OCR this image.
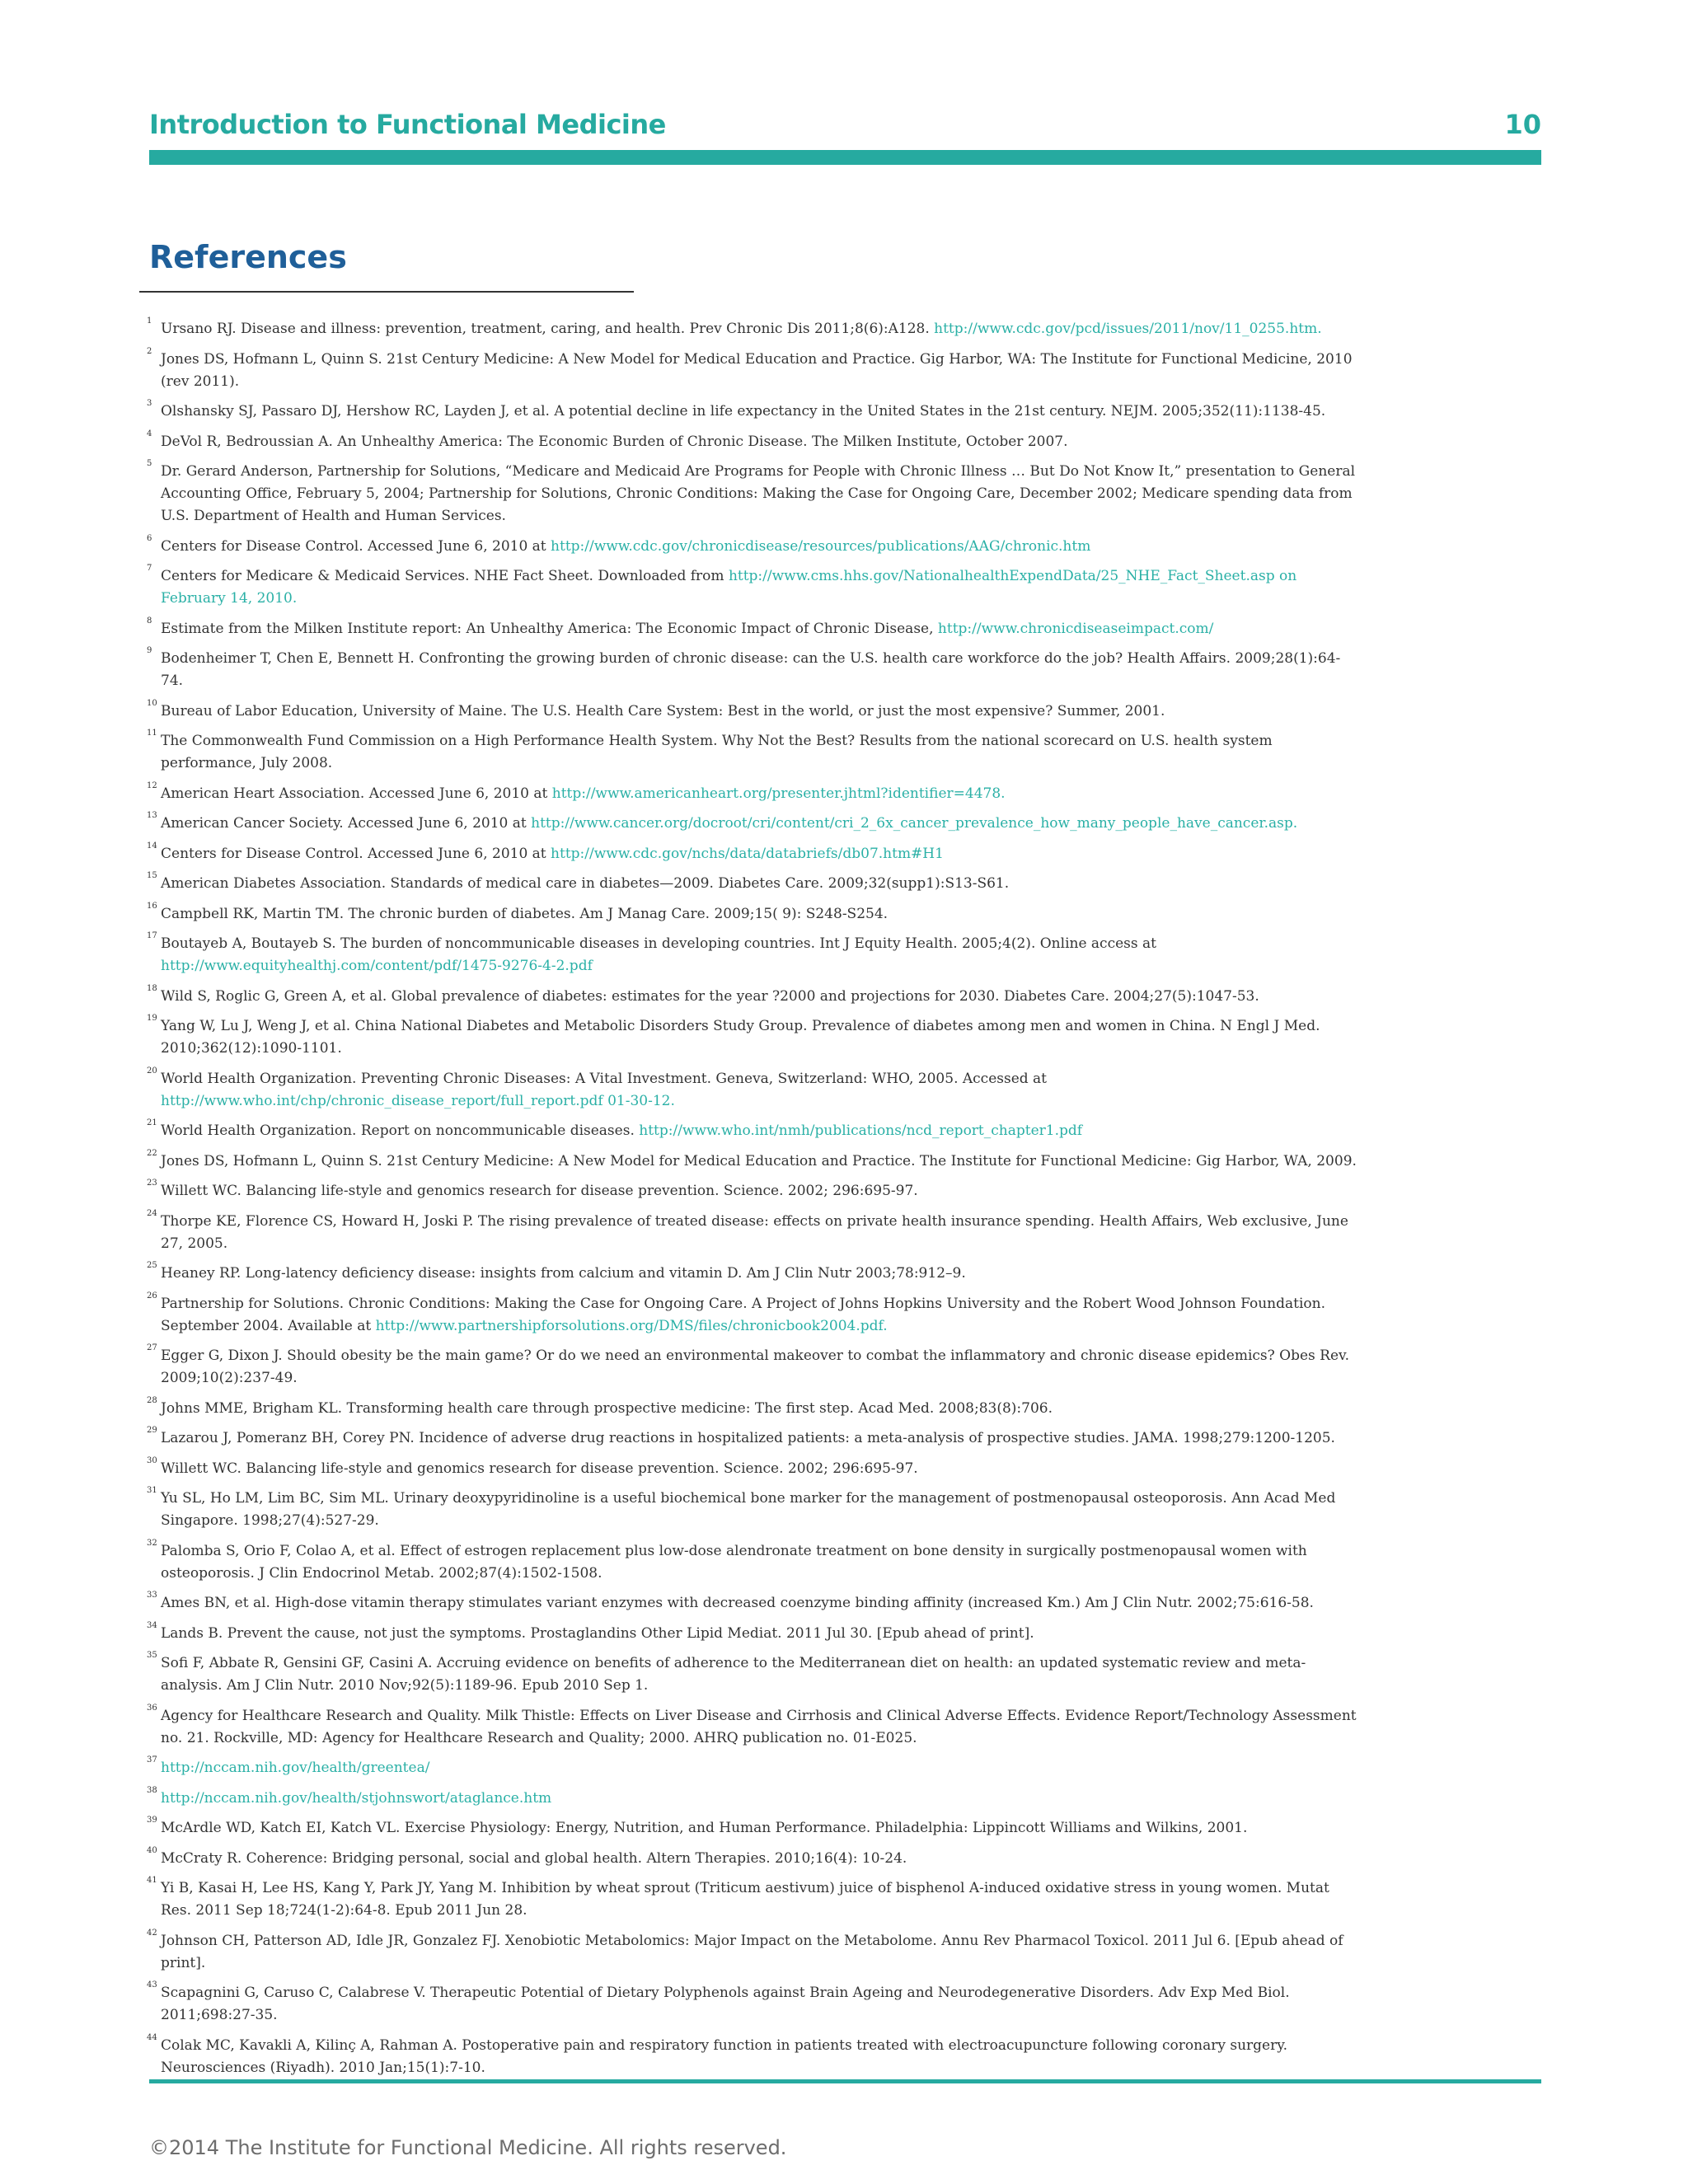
Introduction to Functional Medicine	10
References
1 Ursano RJ. Disease and illness: prevention, treatment, caring, and health. Prev Chronic Dis 2011;8(6):A128. http://www.cdc.gov/pcd/issues/2011/nov/11_0255.htm.
2 Jones DS, Hofmann L, Quinn S. 21st Century Medicine: A New Model for Medical Education and Practice. Gig Harbor, WA: The Institute for Functional Medicine, 2010 (rev 2011).
3 Olshansky SJ, Passaro DJ, Hershow RC, Layden J, et al. A potential decline in life expectancy in the United States in the 21st century. NEJM. 2005;352(11):1138-45.
4 DeVol R, Bedroussian A. An Unhealthy America: The Economic Burden of Chronic Disease. The Milken Institute, October 2007.
5 Dr. Gerard Anderson, Partnership for Solutions, “Medicare and Medicaid Are Programs for People with Chronic Illness … But Do Not Know It,” presentation to General Accounting Office, February 5, 2004; Partnership for Solutions, Chronic Conditions: Making the Case for Ongoing Care, December 2002; Medicare spending data from U.S. Department of Health and Human Services.
6 Centers for Disease Control. Accessed June 6, 2010 at http://www.cdc.gov/chronicdisease/resources/publications/AAG/chronic.htm
7 Centers for Medicare & Medicaid Services. NHE Fact Sheet. Downloaded from http://www.cms.hhs.gov/NationalhealthExpendData/25_NHE_Fact_Sheet.asp on February 14, 2010.
8 Estimate from the Milken Institute report: An Unhealthy America: The Economic Impact of Chronic Disease, http://www.chronicdiseaseimpact.com/
9 Bodenheimer T, Chen E, Bennett H. Confronting the growing burden of chronic disease: can the U.S. health care workforce do the job? Health Affairs. 2009;28(1):64-74.
10 Bureau of Labor Education, University of Maine. The U.S. Health Care System: Best in the world, or just the most expensive? Summer, 2001.
11 The Commonwealth Fund Commission on a High Performance Health System. Why Not the Best? Results from the national scorecard on U.S. health system performance, July 2008.
12 American Heart Association. Accessed June 6, 2010 at http://www.americanheart.org/presenter.jhtml?identifier=4478.
13 American Cancer Society. Accessed June 6, 2010 at http://www.cancer.org/docroot/cri/content/cri_2_6x_cancer_prevalence_how_many_people_have_cancer.asp.
14 Centers for Disease Control. Accessed June 6, 2010 at http://www.cdc.gov/nchs/data/databriefs/db07.htm#H1
15 American Diabetes Association. Standards of medical care in diabetes—2009. Diabetes Care. 2009;32(supp1):S13-S61.
16 Campbell RK, Martin TM. The chronic burden of diabetes. Am J Manag Care. 2009;15( 9): S248-S254.
17 Boutayeb A, Boutayeb S. The burden of noncommunicable diseases in developing countries. Int J Equity Health. 2005;4(2). Online access at http://www.equityhealthj.com/content/pdf/1475-9276-4-2.pdf
18 Wild S, Roglic G, Green A, et al. Global prevalence of diabetes: estimates for the year ?2000 and projections for 2030. Diabetes Care. 2004;27(5):1047-53.
19 Yang W, Lu J, Weng J, et al. China National Diabetes and Metabolic Disorders Study Group. Prevalence of diabetes among men and women in China. N Engl J Med. 2010;362(12):1090-1101.
20 World Health Organization. Preventing Chronic Diseases: A Vital Investment. Geneva, Switzerland: WHO, 2005. Accessed at http://www.who.int/chp/chronic_disease_report/full_report.pdf 01-30-12.
21 World Health Organization. Report on noncommunicable diseases. http://www.who.int/nmh/publications/ncd_report_chapter1.pdf
22 Jones DS, Hofmann L, Quinn S. 21st Century Medicine: A New Model for Medical Education and Practice. The Institute for Functional Medicine: Gig Harbor, WA, 2009.
23 Willett WC. Balancing life-style and genomics research for disease prevention. Science. 2002; 296:695-97.
24 Thorpe KE, Florence CS, Howard H, Joski P. The rising prevalence of treated disease: effects on private health insurance spending. Health Affairs, Web exclusive, June 27, 2005.
25 Heaney RP. Long-latency deficiency disease: insights from calcium and vitamin D. Am J Clin Nutr 2003;78:912–9.
26 Partnership for Solutions. Chronic Conditions: Making the Case for Ongoing Care. A Project of Johns Hopkins University and the Robert Wood Johnson Foundation. September 2004. Available at http://www.partnershipforsolutions.org/DMS/files/chronicbook2004.pdf.
27 Egger G, Dixon J. Should obesity be the main game? Or do we need an environmental makeover to combat the inflammatory and chronic disease epidemics? Obes Rev. 2009;10(2):237-49.
28 Johns MME, Brigham KL. Transforming health care through prospective medicine: The first step. Acad Med. 2008;83(8):706.
29 Lazarou J, Pomeranz BH, Corey PN. Incidence of adverse drug reactions in hospitalized patients: a meta-analysis of prospective studies. JAMA. 1998;279:1200-1205.
30 Willett WC. Balancing life-style and genomics research for disease prevention. Science. 2002; 296:695-97.
31 Yu SL, Ho LM, Lim BC, Sim ML. Urinary deoxypyridinoline is a useful biochemical bone marker for the management of postmenopausal osteoporosis. Ann Acad Med Singapore. 1998;27(4):527-29.
32 Palomba S, Orio F, Colao A, et al. Effect of estrogen replacement plus low-dose alendronate treatment on bone density in surgically postmenopausal women with osteoporosis. J Clin Endocrinol Metab. 2002;87(4):1502-1508.
33 Ames BN, et al. High-dose vitamin therapy stimulates variant enzymes with decreased coenzyme binding affinity (increased Km.) Am J Clin Nutr. 2002;75:616-58.
34 Lands B. Prevent the cause, not just the symptoms. Prostaglandins Other Lipid Mediat. 2011 Jul 30. [Epub ahead of print].
35 Sofi F, Abbate R, Gensini GF, Casini A. Accruing evidence on benefits of adherence to the Mediterranean diet on health: an updated systematic review and meta-analysis. Am J Clin Nutr. 2010 Nov;92(5):1189-96. Epub 2010 Sep 1.
36 Agency for Healthcare Research and Quality. Milk Thistle: Effects on Liver Disease and Cirrhosis and Clinical Adverse Effects. Evidence Report/Technology Assessment no. 21. Rockville, MD: Agency for Healthcare Research and Quality; 2000. AHRQ publication no. 01-E025.
37 http://nccam.nih.gov/health/greentea/
38 http://nccam.nih.gov/health/stjohnswort/ataglance.htm
39 McArdle WD, Katch EI, Katch VL. Exercise Physiology: Energy, Nutrition, and Human Performance. Philadelphia: Lippincott Williams and Wilkins, 2001.
40 McCraty R. Coherence: Bridging personal, social and global health. Altern Therapies. 2010;16(4): 10-24.
41 Yi B, Kasai H, Lee HS, Kang Y, Park JY, Yang M. Inhibition by wheat sprout (Triticum aestivum) juice of bisphenol A-induced oxidative stress in young women. Mutat Res. 2011 Sep 18;724(1-2):64-8. Epub 2011 Jun 28.
42 Johnson CH, Patterson AD, Idle JR, Gonzalez FJ. Xenobiotic Metabolomics: Major Impact on the Metabolome. Annu Rev Pharmacol Toxicol. 2011 Jul 6. [Epub ahead of print].
43 Scapagnini G, Caruso C, Calabrese V. Therapeutic Potential of Dietary Polyphenols against Brain Ageing and Neurodegenerative Disorders. Adv Exp Med Biol. 2011;698:27-35.
44 Colak MC, Kavakli A, Kilinç A, Rahman A. Postoperative pain and respiratory function in patients treated with electroacupuncture following coronary surgery. Neurosciences (Riyadh). 2010 Jan;15(1):7-10.
©2014 The Institute for Functional Medicine. All rights reserved.
